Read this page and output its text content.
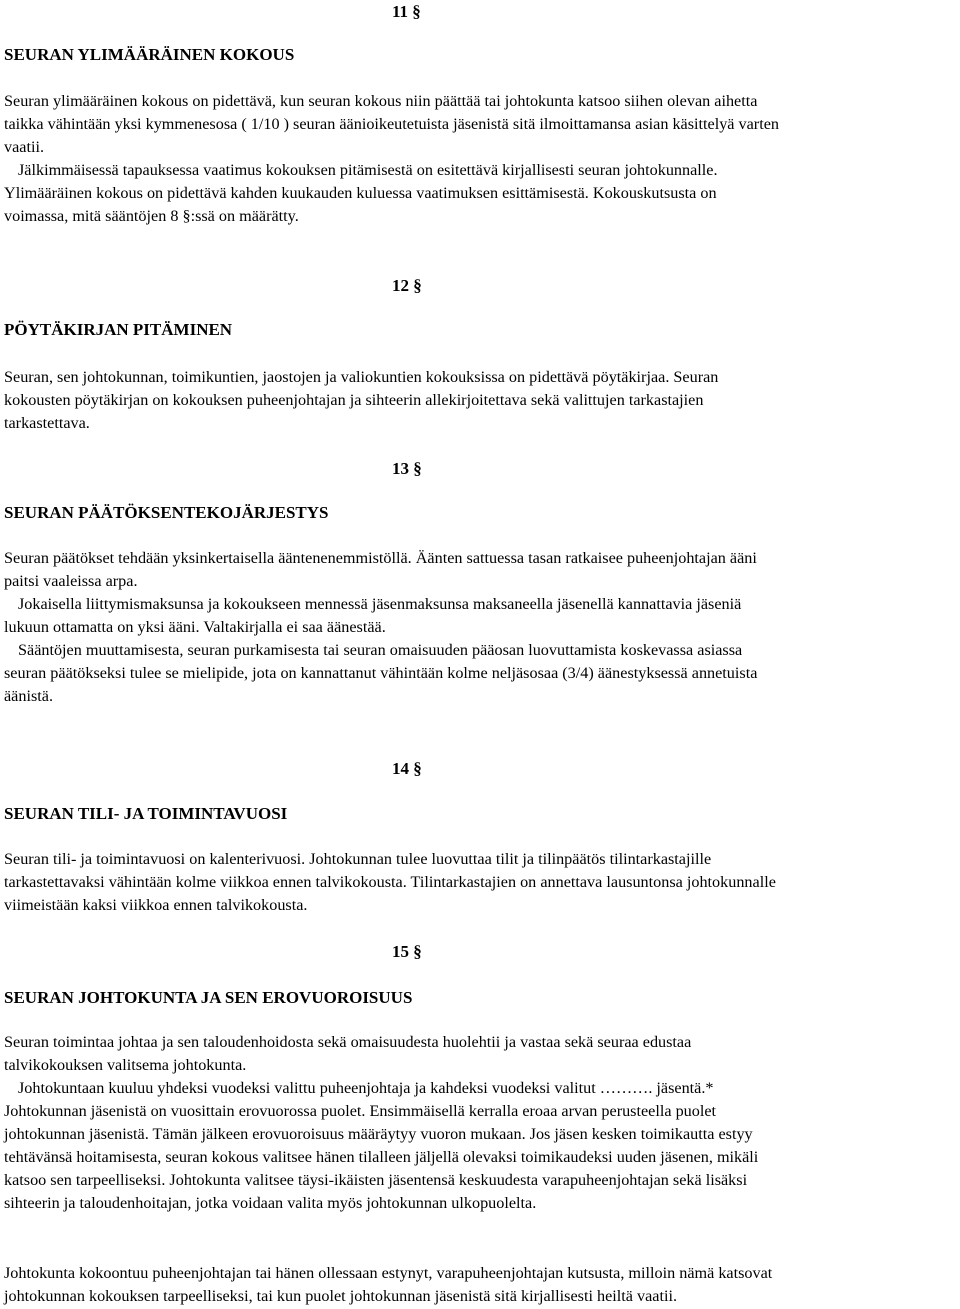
11 §
SEURAN YLIMÄÄRÄINEN KOKOUS
Seuran ylimääräinen kokous on pidettävä, kun seuran kokous niin päättää tai johtokunta katsoo siihen olevan aihetta
taikka vähintään yksi kymmenesosa ( 1/10 ) seuran äänioikeutetuista jäsenistä sitä ilmoittamansa asian käsittelyä varten
vaatii.
Jälkimmäisessä tapauksessa vaatimus kokouksen pitämisestä on esitettävä kirjallisesti seuran johtokunnalle.
Ylimääräinen kokous on pidettävä kahden kuukauden kuluessa vaatimuksen esittämisestä. Kokouskutsusta on
voimassa, mitä sääntöjen 8 §:ssä on määrätty.
12 §
PÖYTÄKIRJAN PITÄMINEN
Seuran, sen johtokunnan, toimikuntien, jaostojen ja valiokuntien kokouksissa on pidettävä pöytäkirjaa. Seuran
kokousten pöytäkirjan on kokouksen puheenjohtajan ja sihteerin allekirjoitettava sekä valittujen tarkastajien
tarkastettava.
13 §
SEURAN PÄÄTÖKSENTEKOJÄRJESTYS
Seuran päätökset tehdään yksinkertaisella ääntenenemmistöllä. Äänten sattuessa tasan ratkaisee puheenjohtajan ääni
paitsi vaaleissa arpa.
Jokaisella liittymismaksunsa ja kokoukseen mennessä jäsenmaksunsa maksaneella jäsenellä kannattavia jäseniä
lukuun ottamatta on yksi ääni. Valtakirjalla ei saa äänestää.
Sääntöjen muuttamisesta, seuran purkamisesta tai seuran omaisuuden pääosan luovuttamista koskevassa asiassa
seuran päätökseksi tulee se mielipide, jota on kannattanut vähintään kolme neljäsosaa (3/4) äänestyksessä annetuista
äänistä.
14 §
SEURAN TILI- JA TOIMINTAVUOSI
Seuran tili- ja toimintavuosi on kalenterivuosi. Johtokunnan tulee luovuttaa tilit ja tilinpäätös tilintarkastajille
tarkastettavaksi vähintään kolme viikkoa ennen talvikokousta. Tilintarkastajien on annettava lausuntonsa johtokunnalle
viimeistään kaksi viikkoa ennen talvikokousta.
15 §
SEURAN JOHTOKUNTA JA SEN EROVUOROISUUS
Seuran toimintaa johtaa ja sen taloudenhoidosta sekä omaisuudesta huolehtii ja vastaa sekä seuraa edustaa
talvikokouksen valitsema johtokunta.
Johtokuntaan kuuluu yhdeksi vuodeksi valittu puheenjohtaja ja kahdeksi vuodeksi valitut ………. jäsentä.*
Johtokunnan jäsenistä on vuosittain erovuorossa puolet. Ensimmäisellä kerralla eroaa arvan perusteella puolet
johtokunnan jäsenistä. Tämän jälkeen erovuoroisuus määräytyy vuoron mukaan. Jos jäsen kesken toimikautta estyy
tehtävänsä hoitamisesta, seuran kokous valitsee hänen tilalleen jäljellä olevaksi toimikaudeksi uuden jäsenen, mikäli
katsoo sen tarpeelliseksi. Johtokunta valitsee täysi-ikäisten jäsentensä keskuudesta varapuheenjohtajan sekä lisäksi
sihteerin ja taloudenhoitajan, jotka voidaan valita myös johtokunnan ulkopuolelta.
Johtokunta kokoontuu puheenjohtajan tai hänen ollessaan estynyt, varapuheenjohtajan kutsusta, milloin nämä katsovat
johtokunnan kokouksen tarpeelliseksi, tai kun puolet johtokunnan jäsenistä sitä kirjallisesti heiltä vaatii.
